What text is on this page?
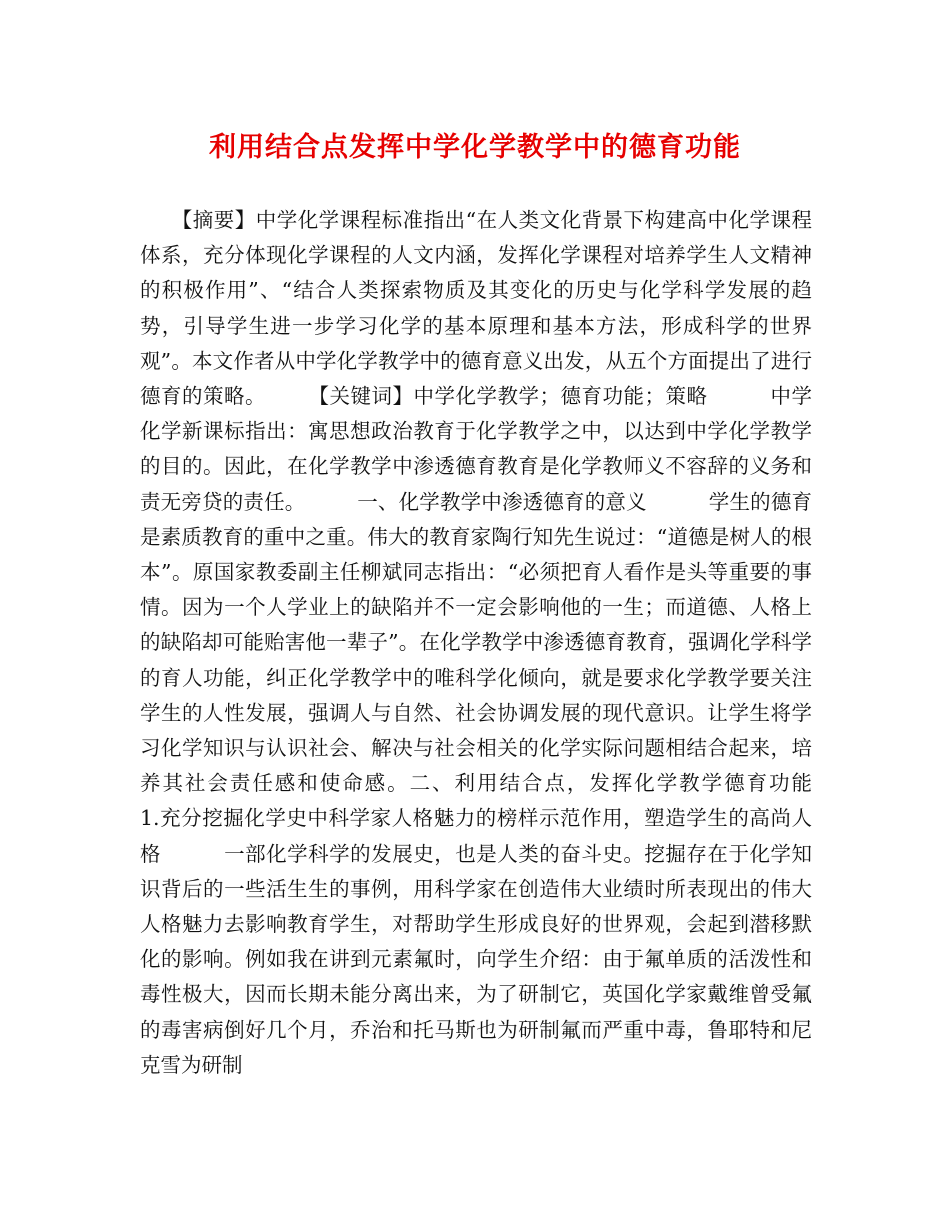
利用结合点发挥中学化学教学中的德育功能

　　【摘要】中学化学课程标准指出“在人类文化背景下构建高中化学课程体系，充分体现化学课程的人文内涵，发挥化学课程对培养学生人文精神的积极作用”、“结合人类探索物质及其变化的历史与化学科学发展的趋势，引导学生进一步学习化学的基本原理和基本方法，形成科学的世界观”。本文作者从中学化学教学中的德育意义出发，从五个方面提出了进行德育的策略。　　　【关键词】中学化学教学；德育功能；策略　　　中学化学新课标指出：寓思想政治教育于化学教学之中，以达到中学化学教学的目的。因此，在化学教学中渗透德育教育是化学教师义不容辞的义务和责无旁贷的责任。　　　一、化学教学中渗透德育的意义　　　学生的德育是素质教育的重中之重。伟大的教育家陶行知先生说过：“道德是树人的根本”。原国家教委副主任柳斌同志指出：“必须把育人看作是头等重要的事情。因为一个人学业上的缺陷并不一定会影响他的一生；而道德、人格上的缺陷却可能贻害他一辈子”。在化学教学中渗透德育教育，强调化学科学的育人功能，纠正化学教学中的唯科学化倾向，就是要求化学教学要关注学生的人性发展，强调人与自然、社会协调发展的现代意识。让学生将学习化学知识与认识社会、解决与社会相关的化学实际问题相结合起来，培养其社会责任感和使命感。二、利用结合点，发挥化学教学德育功能　　　1.充分挖掘化学史中科学家人格魅力的榜样示范作用，塑造学生的高尚人格　　　一部化学科学的发展史，也是人类的奋斗史。挖掘存在于化学知识背后的一些活生生的事例，用科学家在创造伟大业绩时所表现出的伟大人格魅力去影响教育学生，对帮助学生形成良好的世界观，会起到潜移默化的影响。例如我在讲到元素氟时，向学生介绍：由于氟单质的活泼性和毒性极大，因而长期未能分离出来，为了研制它，英国化学家戴维曾受氟的毒害病倒好几个月，乔治和托马斯也为研制氟而严重中毒，鲁耶特和尼克雪为研制
